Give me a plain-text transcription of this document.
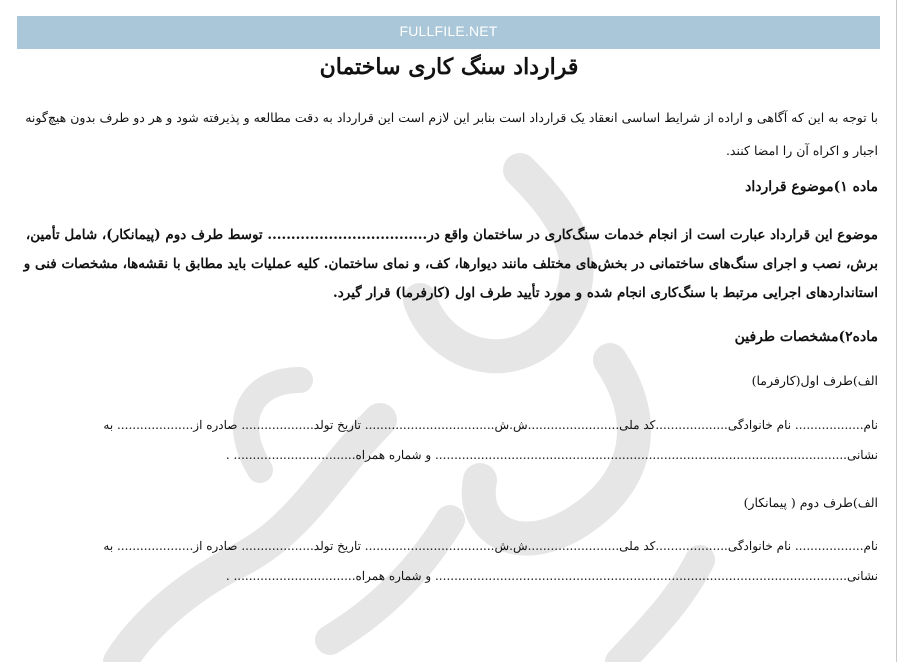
FULLFILE.NET
قرارداد سنگ کاری ساختمان
با توجه به این که آگاهی و اراده از شرایط اساسی انعقاد یک قرارداد است بنابر این لازم است این قرارداد به دقت مطالعه و پذیرفته شود و هر دو طرف بدون هیچ‌گونه اجبار و اکراه آن را امضا کنند.
ماده ۱)موضوع قرارداد
موضوع این قرارداد عبارت است از انجام خدمات سنگ‌کاری در ساختمان واقع در.................................. توسط طرف دوم (پیمانکار)، شامل تأمین، برش، نصب و اجرای سنگ‌های ساختمانی در بخش‌های مختلف مانند دیوارها، کف، و نمای ساختمان. کلیه عملیات باید مطابق با نقشه‌ها، مشخصات فنی و استانداردهای اجرایی مرتبط با سنگ‌کاری انجام شده و مورد تأیید طرف اول (کارفرما) قرار گیرد.
ماده۲)مشخصات طرفین
الف)طرف اول(کارفرما)
نام.................. نام خانوادگی...................کد ملی........................ش.ش.................................. تاریخ تولد................... صادره از.................... به
نشانی............................................................................................................ و شماره همراه................................ .
الف)طرف دوم ( پیمانکار)
نام.................. نام خانوادگی...................کد ملی........................ش.ش.................................. تاریخ تولد................... صادره از.................... به
نشانی............................................................................................................ و شماره همراه................................ .
